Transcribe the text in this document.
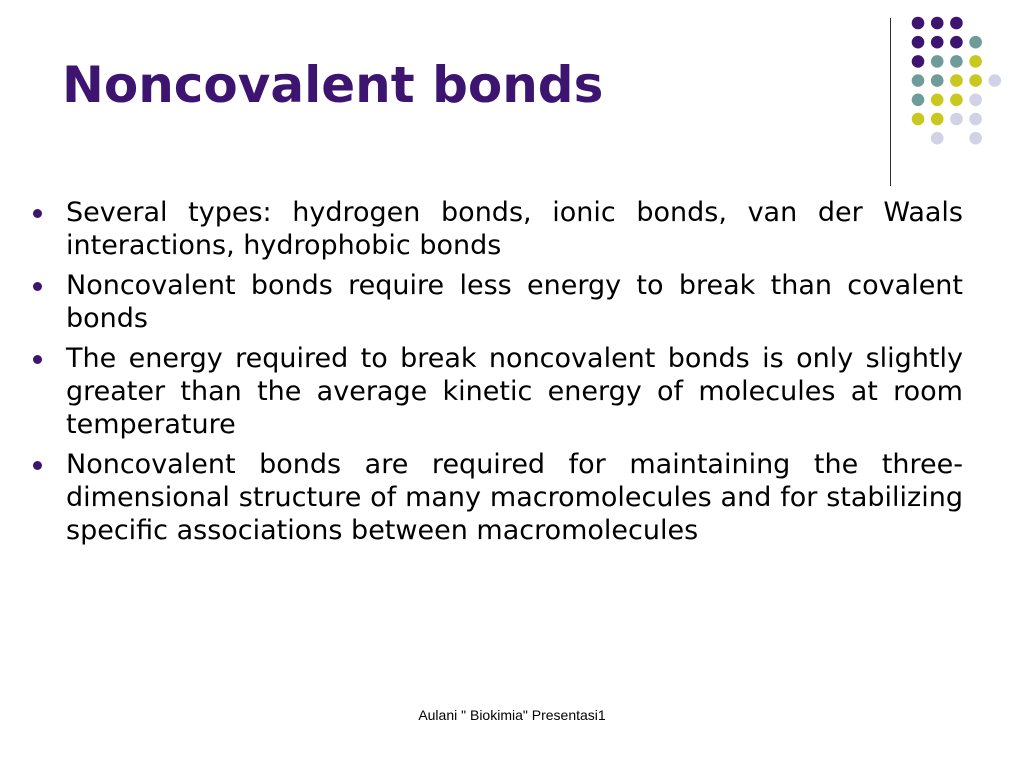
Noncovalent bonds
Several types: hydrogen bonds, ionic bonds, van der Waals interactions, hydrophobic bonds
Noncovalent bonds require less energy to break than covalent bonds
The energy required to break noncovalent bonds is only slightly greater than the average kinetic energy of molecules at room temperature
Noncovalent bonds are required for maintaining the three-dimensional structure of many macromolecules and for stabilizing specific associations between macromolecules
Aulani " Biokimia" Presentasi1
